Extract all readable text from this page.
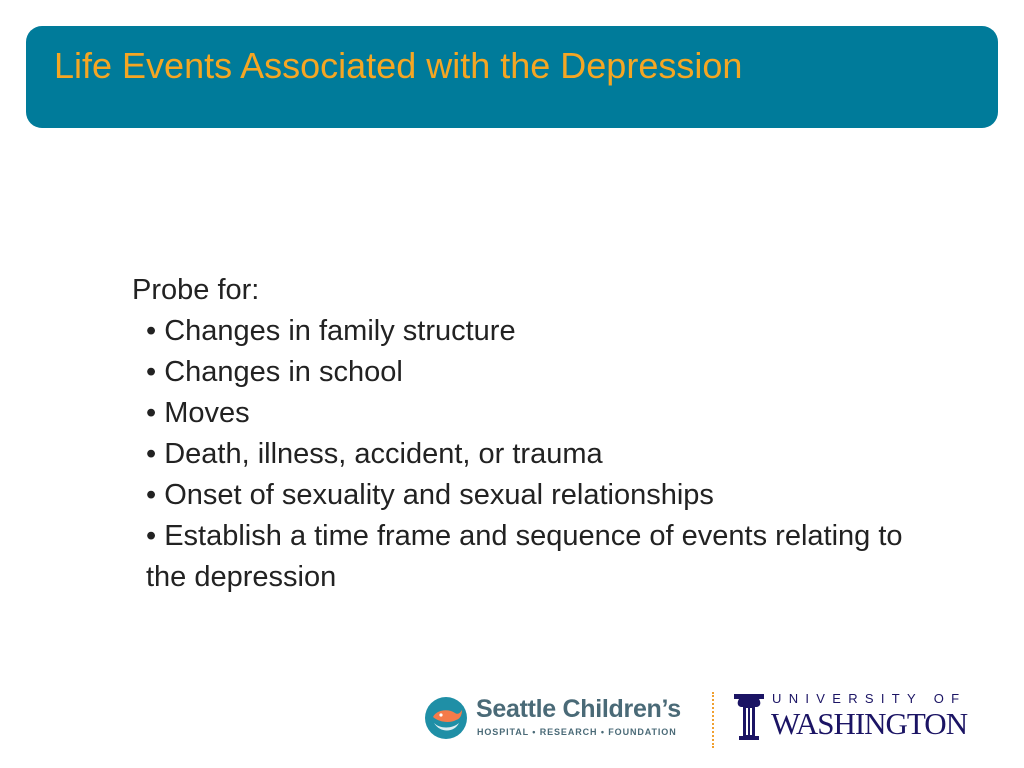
Life Events Associated with the Depression

Probe for:

• Changes in family structure
• Changes in school
• Moves
• Death, illness, accident, or trauma
• Onset of sexuality and sexual relationships
• Establish a time frame and sequence of events relating to the depression
Seattle Children’s
HOSPITAL • RESEARCH • FOUNDATION
UNIVERSITY OF
WASHINGTON
